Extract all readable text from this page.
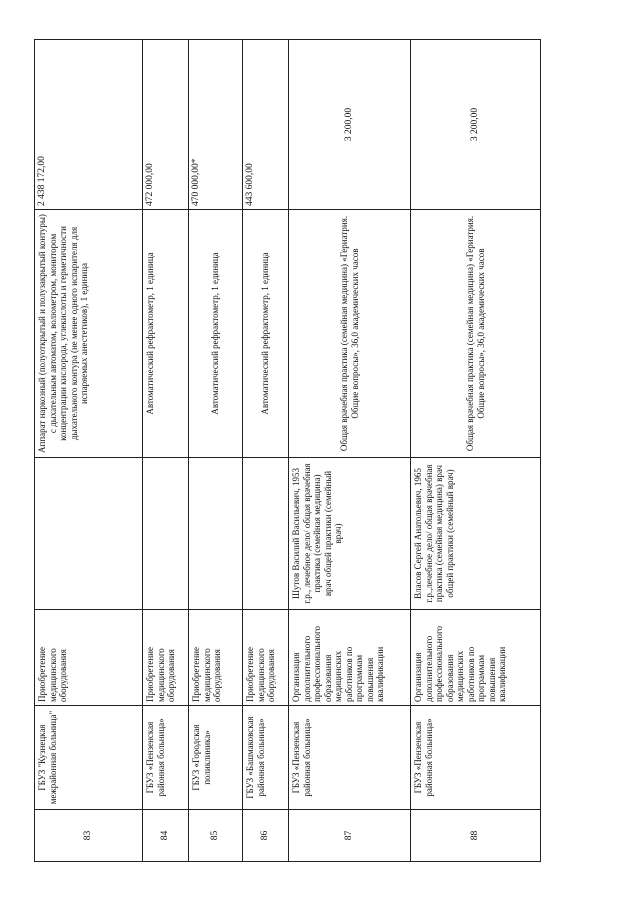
83	ГБУЗ "Кузнецкая межрайонная больница"	Приобретение медицинского оборудования		Аппарат наркозный (полуоткрытый и полузакрытый контуры) с дыхательным автоматом, волюметром, монитором концентрации кислорода, углекислоты и герметичности дыхательного контура (не менее одного испарителя для испаряемых анестетиков), 1 единица	2 438 172,00
84	ГБУЗ «Пензенская районная больница»	Приобретение медицинского оборудования		Автоматический рефрактометр, 1 единица	472 000,00
85	ГБУЗ «Городская поликлиника»	Приобретение медицинского оборудования		Автоматический рефрактометр, 1 единица	470 000,00*
86	ГБУЗ «Башмаковская районная больница»	Приобретение медицинского оборудования		Автоматический рефрактометр, 1 единица	443 600,00
87	ГБУЗ «Пензенская районная больница»	Организация дополнительного профессионального образования медицинских работников по программам повышения квалификации	Шутов Василий Васильевич, 1953 г.р., лечебное дело/ общая врачебная практика (семейная медицина) врач общей практики (семейный врач)	Общая врачебная практика (семейная медицина) «Гериатрия. Общие вопросы», 36,0 академических часов	3 200,00
88	ГБУЗ «Пензенская районная больница»	Организация дополнительного профессионального образования медицинских работников по программам повышения квалификации	Власов Сергей Анатольевич, 1965 г.р.,лечебное дело/ общая врачебная практика (семейная медицина) врач общей практики (семейный врач)	Общая врачебная практика (семейная медицина) «Гериатрия. Общие вопросы», 36,0 академических часов	3 200,00
